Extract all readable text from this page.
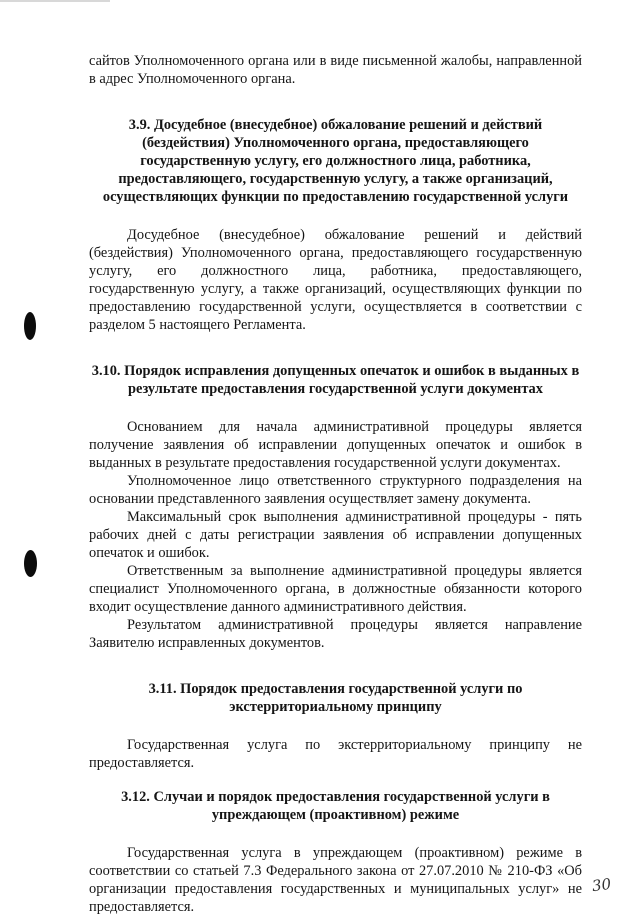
сайтов Уполномоченного органа или в виде письменной жалобы, направленной в адрес Уполномоченного органа.

3.9. Досудебное (внесудебное) обжалование решений и действий (бездействия) Уполномоченного органа, предоставляющего государственную услугу, его должностного лица, работника, предоставляющего, государственную услугу, а также организаций, осуществляющих функции по предоставлению государственной услуги

Досудебное (внесудебное) обжалование решений и действий (бездействия) Уполномоченного органа, предоставляющего государственную услугу, его должностного лица, работника, предоставляющего, государственную услугу, а также организаций, осуществляющих функции по предоставлению государственной услуги, осуществляется в соответствии с разделом 5 настоящего Регламента.

3.10. Порядок исправления допущенных опечаток и ошибок в выданных в результате предоставления государственной услуги документах

Основанием для начала административной процедуры является получение заявления об исправлении допущенных опечаток и ошибок в выданных в результате предоставления государственной услуги документах.

Уполномоченное лицо ответственного структурного подразделения на основании представленного заявления осуществляет замену документа.

Максимальный срок выполнения административной процедуры - пять рабочих дней с даты регистрации заявления об исправлении допущенных опечаток и ошибок.

Ответственным за выполнение административной процедуры является специалист Уполномоченного органа, в должностные обязанности которого входит осуществление данного административного действия.

Результатом административной процедуры является направление Заявителю исправленных документов.

3.11. Порядок предоставления государственной услуги по экстерриториальному принципу

Государственная услуга по экстерриториальному принципу не предоставляется.

3.12. Случаи и порядок предоставления государственной услуги в упреждающем (проактивном) режиме

Государственная услуга в упреждающем (проактивном) режиме в соответствии со статьей 7.3 Федерального закона от 27.07.2010 № 210-ФЗ «Об организации предоставления государственных и муниципальных услуг» не предоставляется.

30
